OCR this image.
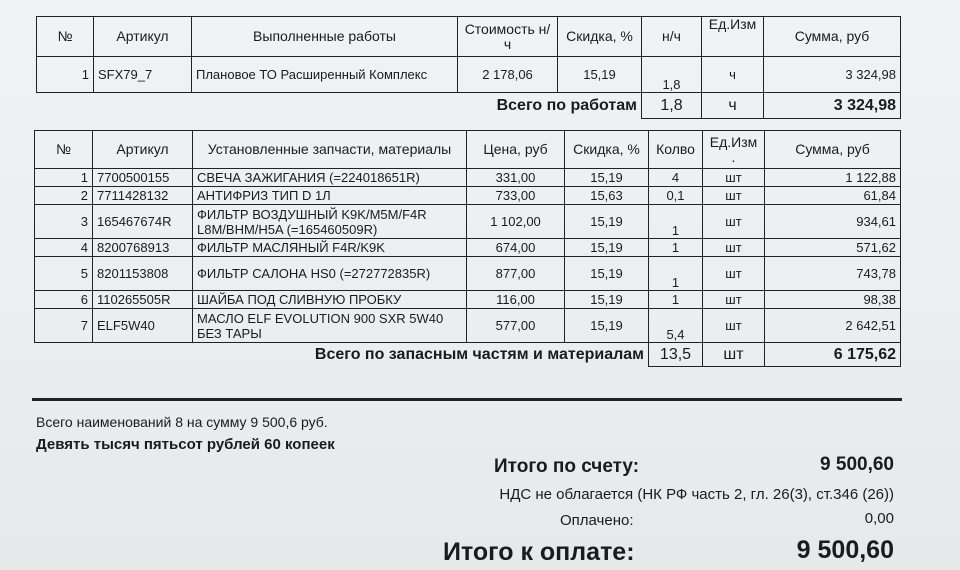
№	Артикул	Выполненные работы	Стоимость н/ч	Скидка, %	н/ч	Ед.Изм	Сумма, руб
1	SFX79_7	Плановое ТО Расширенный Комплекс	2 178,06	15,19	1,8	ч	3 324,98
Всего по работам					1,8	ч	3 324,98
№	Артикул	Установленные запчасти, материалы	Цена, руб	Скидка, %	Колво	Ед.Изм .	Сумма, руб
1	7700500155	СВЕЧА ЗАЖИГАНИЯ (=224018651R)	331,00	15,19	4	шт	1 122,88
2	7711428132	АНТИФРИЗ ТИП D 1Л	733,00	15,63	0,1	шт	61,84
3	165467674R	ФИЛЬТР ВОЗДУШНЫЙ K9K/M5M/F4R L8M/BHM/H5A (=165460509R)	1 102,00	15,19	1	шт	934,61
4	8200768913	ФИЛЬТР МАСЛЯНЫЙ F4R/K9K	674,00	15,19	1	шт	571,62
5	8201153808	ФИЛЬТР САЛОНА HS0 (=272772835R)	877,00	15,19	1	шт	743,78
6	110265505R	ШАЙБА ПОД СЛИВНУЮ ПРОБКУ	116,00	15,19	1	шт	98,38
7	ELF5W40	МАСЛО ELF EVOLUTION 900 SXR 5W40 БЕЗ ТАРЫ	577,00	15,19	5,4	шт	2 642,51
Всего по запасным частям и материалам					13,5	шт	6 175,62
Всего наименований 8 на сумму 9 500,6 руб.
Девять тысяч пятьсот рублей 60 копеек
Итого по счету:	9 500,60
НДС не облагается (НК РФ часть 2, гл. 26(3), ст.346 (26))
Оплачено:	0,00
Итого к оплате:	9 500,60
